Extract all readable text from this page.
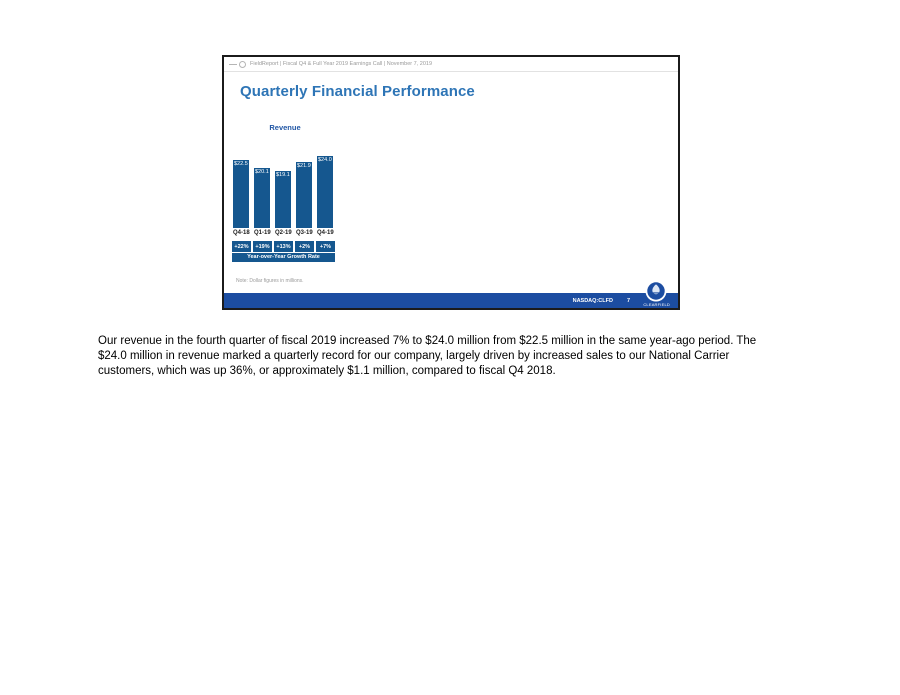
FieldReport | Fiscal Q4 & Full Year 2019 Earnings Call | November 7, 2019
Quarterly Financial Performance
Revenue
$22.5
$20.1 $19.1
$21.9
$24.0
Q4-18 Q1-19 Q2-19 Q3-19 Q4-19
+22%	+19%	+13%	+2%	+7%
Year-over-Year Growth Rate
Note: Dollar figures in millions.
NASDAQ:CLFD	7
CLEARFIELD
Our revenue in the fourth quarter of fiscal 2019 increased 7% to $24.0 million from $22.5 million in the same year-ago period. The $24.0 million in revenue marked a quarterly record for our company, largely driven by increased sales to our National Carrier customers, which was up 36%, or approximately $1.1 million, compared to fiscal Q4 2018.
